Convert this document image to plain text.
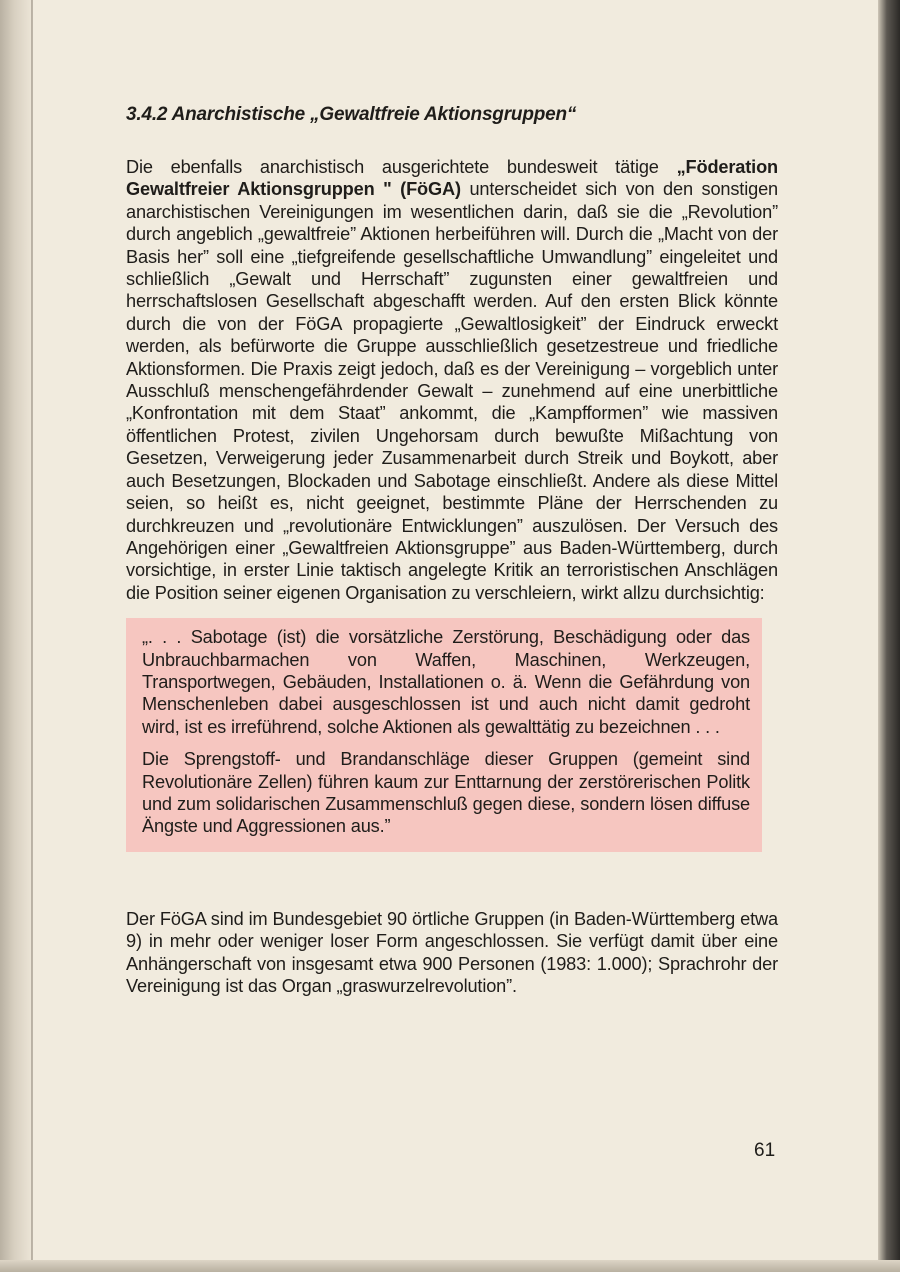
3.4.2 Anarchistische „Gewaltfreie Aktionsgruppen“

Die ebenfalls anarchistisch ausgerichtete bundesweit tätige „Föderation Gewaltfreier Aktionsgruppen " (FöGA) unterscheidet sich von den sonstigen anarchistischen Vereinigungen im wesentlichen darin, daß sie die „Revolution” durch angeblich „gewaltfreie” Aktionen herbeiführen will. Durch die „Macht von der Basis her” soll eine „tiefgreifende gesellschaftliche Umwandlung” eingeleitet und schließlich „Gewalt und Herrschaft” zugunsten einer gewaltfreien und herrschaftslosen Gesellschaft abgeschafft werden. Auf den ersten Blick könnte durch die von der FöGA propagierte „Gewaltlosigkeit” der Eindruck erweckt werden, als befürworte die Gruppe ausschließlich gesetzestreue und friedliche Aktionsformen. Die Praxis zeigt jedoch, daß es der Vereinigung – vorgeblich unter Ausschluß menschengefährdender Gewalt – zunehmend auf eine unerbittliche „Konfrontation mit dem Staat” ankommt, die „Kampfformen” wie massiven öffentlichen Protest, zivilen Ungehorsam durch bewußte Mißachtung von Gesetzen, Verweigerung jeder Zusammenarbeit durch Streik und Boykott, aber auch Besetzungen, Blockaden und Sabotage einschließt. Andere als diese Mittel seien, so heißt es, nicht geeignet, bestimmte Pläne der Herrschenden zu durchkreuzen und „revolutionäre Entwicklungen” auszulösen. Der Versuch des Angehörigen einer „Gewaltfreien Aktionsgruppe” aus Baden-Württemberg, durch vorsichtige, in erster Linie taktisch angelegte Kritik an terroristischen Anschlägen die Position seiner eigenen Organisation zu verschleiern, wirkt allzu durchsichtig:

„. . . Sabotage (ist) die vorsätzliche Zerstörung, Beschädigung oder das Unbrauchbarmachen von Waffen, Maschinen, Werkzeugen, Transportwegen, Gebäuden, Installationen o. ä. Wenn die Gefährdung von Menschenleben dabei ausgeschlossen ist und auch nicht damit gedroht wird, ist es irreführend, solche Aktionen als gewalttätig zu bezeichnen . . .

Die Sprengstoff- und Brandanschläge dieser Gruppen (gemeint sind Revolutionäre Zellen) führen kaum zur Enttarnung der zerstörerischen Politk und zum solidarischen Zusammenschluß gegen diese, sondern lösen diffuse Ängste und Aggressionen aus.”

Der FöGA sind im Bundesgebiet 90 örtliche Gruppen (in Baden-Württemberg etwa 9) in mehr oder weniger loser Form angeschlossen. Sie verfügt damit über eine Anhängerschaft von insgesamt etwa 900 Personen (1983: 1.000); Sprachrohr der Vereinigung ist das Organ „graswurzelrevolution”.

61
